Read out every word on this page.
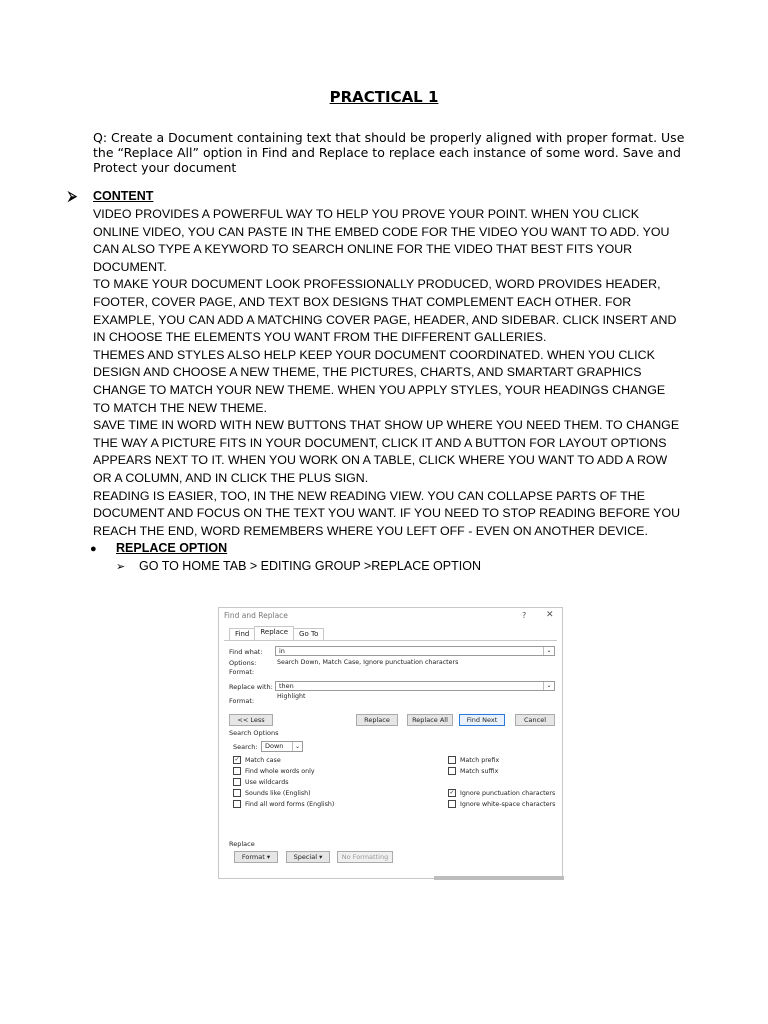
PRACTICAL 1
Q: Create a Document containing text that should be properly aligned with proper format. Use the “Replace All” option in Find and Replace to replace each instance of some word. Save and Protect your document
⮚ CONTENT

VIDEO PROVIDES A POWERFUL WAY TO HELP YOU PROVE YOUR POINT. WHEN YOU CLICK ONLINE VIDEO, YOU CAN PASTE IN THE EMBED CODE FOR THE VIDEO YOU WANT TO ADD. YOU CAN ALSO TYPE A KEYWORD TO SEARCH ONLINE FOR THE VIDEO THAT BEST FITS YOUR DOCUMENT.

TO MAKE YOUR DOCUMENT LOOK PROFESSIONALLY PRODUCED, WORD PROVIDES HEADER, FOOTER, COVER PAGE, AND TEXT BOX DESIGNS THAT COMPLEMENT EACH OTHER. FOR EXAMPLE, YOU CAN ADD A MATCHING COVER PAGE, HEADER, AND SIDEBAR. CLICK INSERT AND IN CHOOSE THE ELEMENTS YOU WANT FROM THE DIFFERENT GALLERIES.

THEMES AND STYLES ALSO HELP KEEP YOUR DOCUMENT COORDINATED. WHEN YOU CLICK DESIGN AND CHOOSE A NEW THEME, THE PICTURES, CHARTS, AND SMARTART GRAPHICS CHANGE TO MATCH YOUR NEW THEME. WHEN YOU APPLY STYLES, YOUR HEADINGS CHANGE TO MATCH THE NEW THEME.

SAVE TIME IN WORD WITH NEW BUTTONS THAT SHOW UP WHERE YOU NEED THEM. TO CHANGE THE WAY A PICTURE FITS IN YOUR DOCUMENT, CLICK IT AND A BUTTON FOR LAYOUT OPTIONS APPEARS NEXT TO IT. WHEN YOU WORK ON A TABLE, CLICK WHERE YOU WANT TO ADD A ROW OR A COLUMN, AND IN CLICK THE PLUS SIGN.

READING IS EASIER, TOO, IN THE NEW READING VIEW. YOU CAN COLLAPSE PARTS OF THE DOCUMENT AND FOCUS ON THE TEXT YOU WANT. IF YOU NEED TO STOP READING BEFORE YOU REACH THE END, WORD REMEMBERS WHERE YOU LEFT OFF - EVEN ON ANOTHER DEVICE.

● REPLACE OPTION
➢ GO TO HOME TAB > EDITING GROUP >REPLACE OPTION
Find and Replace	? ✕
Find Replace Go To
Find what:	in	⌄
Options:	Search Down, Match Case, Ignore punctuation characters
Format:
Replace with: then	⌄
Format:
Highlight
<< Less	Replace	Replace All	Find Next	Cancel
Search Options
Search:	Down	⌄
✓ Match case
Find whole words only
Use wildcards
Sounds like (English)
Find all word forms (English)
Match prefix
Match suffix
✓ Ignore punctuation characters
Ignore white-space characters
Replace
Format ▾	Special ▾	No Formatting
